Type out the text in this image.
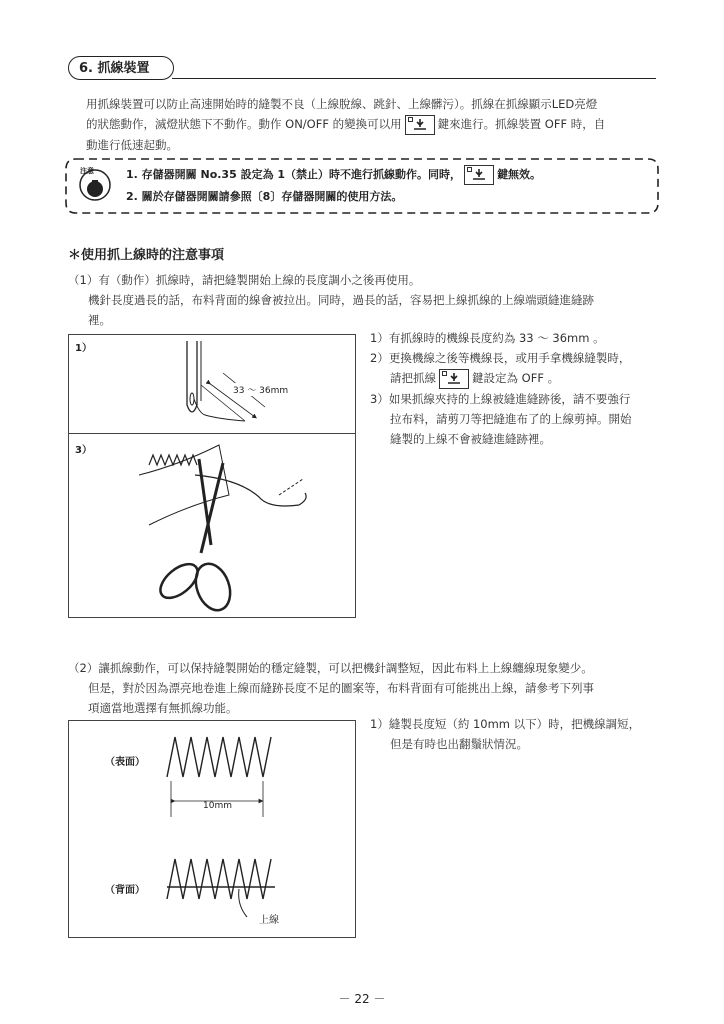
6. 抓線裝置
用抓線裝置可以防止高速開始時的縫製不良（上線脫線、跳針、上線髒污）。抓線在抓線顯示LED亮燈
的狀態動作，滅燈狀態下不動作。動作 ON/OFF 的變換可以用	鍵來進行。抓線裝置 OFF 時，自
動進行低速起動。
注意	1. 存儲器開關 No.35 設定為 1（禁止）時不進行抓線動作。同時，	鍵無效。
2. 關於存儲器開關請參照〔8〕存儲器開關的使用方法。
＊使用抓上線時的注意事項
（1）有（動作）抓線時，請把縫製開始上線的長度調小之後再使用。
機針長度過長的話，布料背面的線會被拉出。同時，過長的話，容易把上線抓線的上線端頭縫進縫跡
裡。
1）
3）
33 ～ 36mm
1）有抓線時的機線長度約為 33 ～ 36mm 。
2）更換機線之後等機線長，或用手拿機線縫製時，
請把抓線	鍵設定為 OFF 。
3）如果抓線夾持的上線被縫進縫跡後，請不要強行
拉布料，請剪刀等把縫進布了的上線剪掉。開始
縫製的上線不會被縫進縫跡裡。
（2）讓抓線動作，可以保持縫製開始的穩定縫製，可以把機針調整短，因此布料上上線纏線現象變少。
但是，對於因為漂亮地卷進上線而縫跡長度不足的圖案等，布料背面有可能挑出上線，請參考下列事
項適當地選擇有無抓線功能。
（表面）
（背面）
10mm
上線
1）縫製長度短（約 10mm 以下）時，把機線調短，
但是有時也出翻鬚狀情況。
－ 22 －
